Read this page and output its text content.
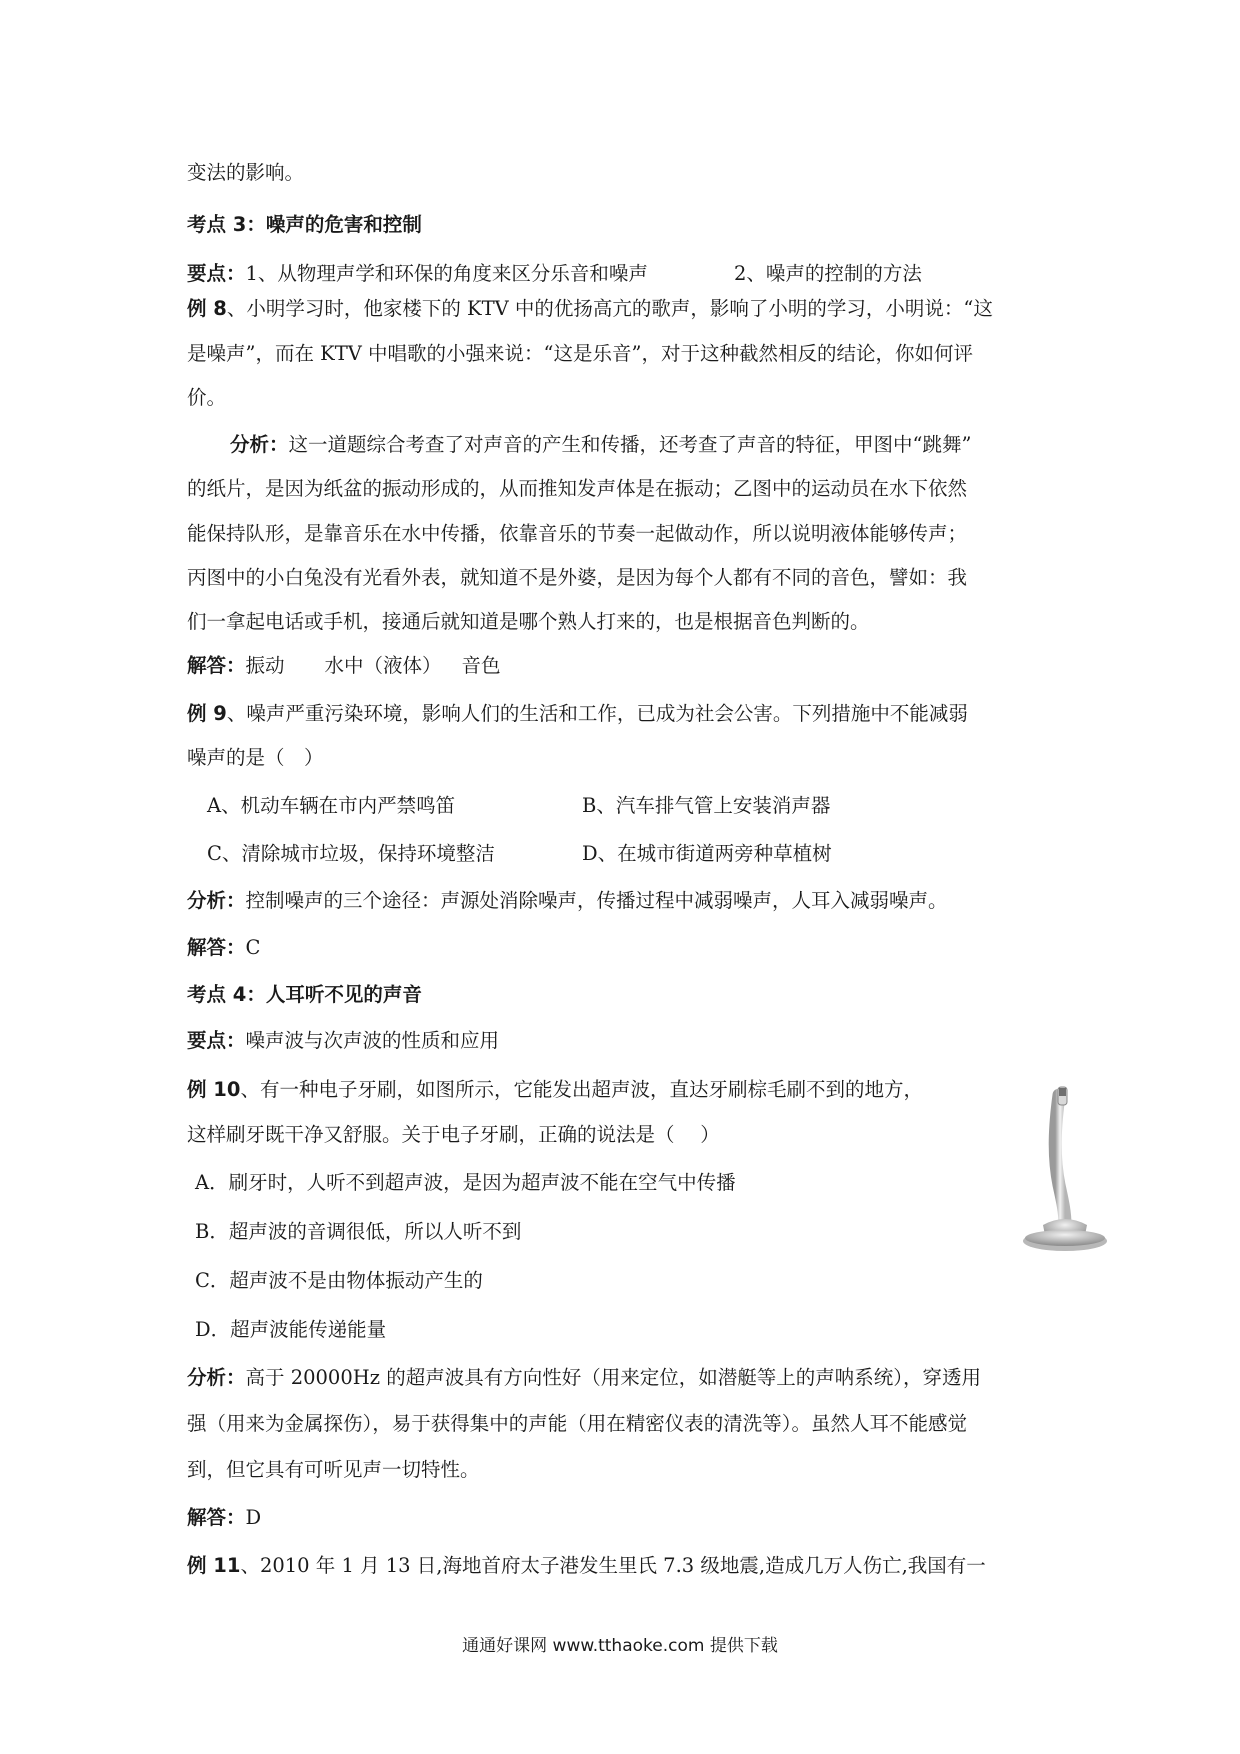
变法的影响。
考点 3：噪声的危害和控制
要点：1、从物理声学和环保的角度来区分乐音和噪声	2、噪声的控制的方法
例 8、小明学习时，他家楼下的 KTV 中的优扬高亢的歌声，影响了小明的学习，小明说：“这
是噪声”，而在 KTV 中唱歌的小强来说：“这是乐音”，对于这种截然相反的结论，你如何评
价。
分析：这一道题综合考查了对声音的产生和传播，还考查了声音的特征，甲图中“跳舞”
的纸片，是因为纸盆的振动形成的，从而推知发声体是在振动；乙图中的运动员在水下依然
能保持队形，是靠音乐在水中传播，依靠音乐的节奏一起做动作，所以说明液体能够传声；
丙图中的小白兔没有光看外表，就知道不是外婆，是因为每个人都有不同的音色，譬如：我
们一拿起电话或手机，接通后就知道是哪个熟人打来的，也是根据音色判断的。
解答：振动 水中（液体） 音色
例 9、噪声严重污染环境，影响人们的生活和工作，已成为社会公害。下列措施中不能减弱
噪声的是（　）
A、机动车辆在市内严禁鸣笛	B、汽车排气管上安装消声器
C、清除城市垃圾，保持环境整洁	D、在城市街道两旁种草植树
分析：控制噪声的三个途径：声源处消除噪声，传播过程中减弱噪声，人耳入减弱噪声。
解答：C
考点 4：人耳听不见的声音
要点：噪声波与次声波的性质和应用
例 10、有一种电子牙刷，如图所示，它能发出超声波，直达牙刷棕毛刷不到的地方，
这样刷牙既干净又舒服。关于电子牙刷，正确的说法是（　 ）
A．刷牙时，人听不到超声波，是因为超声波不能在空气中传播
B．超声波的音调很低，所以人听不到
C．超声波不是由物体振动产生的
D．超声波能传递能量
分析：高于 20000Hz 的超声波具有方向性好（用来定位，如潜艇等上的声呐系统），穿透用
强（用来为金属探伤），易于获得集中的声能（用在精密仪表的清洗等）。虽然人耳不能感觉
到，但它具有可听见声一切特性。
解答：D
例 11、2010 年 1 月 13 日,海地首府太子港发生里氏 7.3 级地震,造成几万人伤亡,我国有一
通通好课网 www.tthaoke.com 提供下载
